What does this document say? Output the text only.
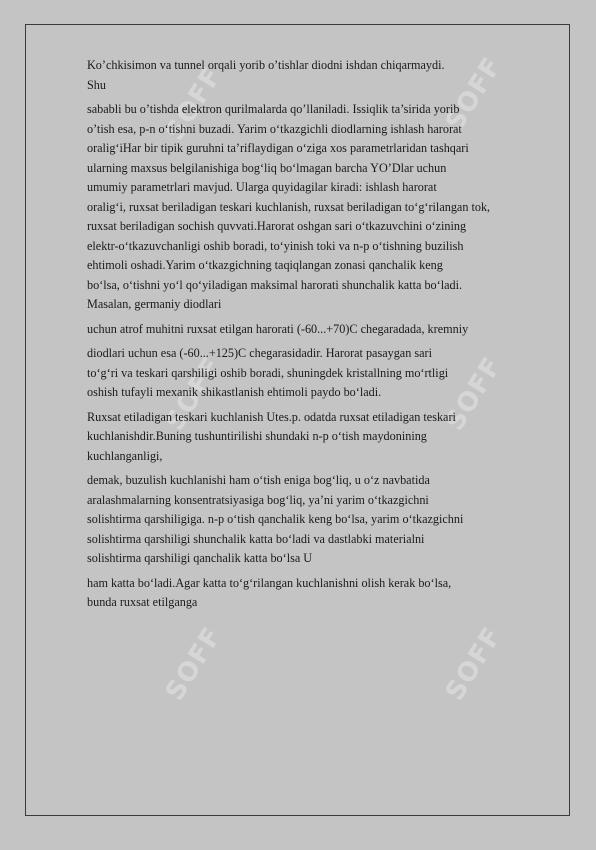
SOFF	SOFF
SOFF	SOFF
SOFF	SOFF

Ko’chkisimon va tunnel orqali yorib o’tishlar diodni ishdan chiqarmaydi.
Shu

sababli bu o’tishda elektron qurilmalarda qo’llaniladi. Issiqlik ta’sirida yorib
o’tish esa, p-n o‘tishni buzadi. Yarim o‘tkazgichli diodlarning ishlash harorat
oralig‘iHar bir tipik guruhni ta’riflaydigan o‘ziga xos parametrlaridan tashqari
ularning maxsus belgilanishiga bog‘liq bo‘lmagan barcha YO’Dlar uchun
umumiy parametrlari mavjud. Ularga quyidagilar kiradi: ishlash harorat
oralig‘i, ruxsat beriladigan teskari kuchlanish, ruxsat beriladigan to‘g‘rilangan tok,
ruxsat beriladigan sochish quvvati.Harorat oshgan sari o‘tkazuvchini o‘zining
elektr-o‘tkazuvchanligi oshib boradi, to‘yinish toki va n-p o‘tishning buzilish
ehtimoli oshadi.Yarim o‘tkazgichning taqiqlangan zonasi qanchalik keng
bo‘lsa, o‘tishni yo‘l qo‘yiladigan maksimal harorati shunchalik katta bo‘ladi.
Masalan, germaniy diodlari

uchun atrof muhitni ruxsat etilgan harorati (-60...+70)C chegaradada, kremniy

diodlari uchun esa (-60...+125)C chegarasidadir. Harorat pasaygan sari
to‘g‘ri va teskari qarshiligi oshib boradi, shuningdek kristallning mo‘rtligi
oshish tufayli mexanik shikastlanish ehtimoli paydo bo‘ladi.

Ruxsat etiladigan teskari kuchlanish Utes.p. odatda ruxsat etiladigan teskari
kuchlanishdir.Buning tushuntirilishi shundaki n-p o‘tish maydonining
kuchlanganligi,

demak, buzulish kuchlanishi ham o‘tish eniga bog‘liq, u o‘z navbatida
aralashmalarning konsentratsiyasiga bog‘liq, ya’ni yarim o‘tkazgichni
solishtirma qarshiligiga. n-p o‘tish qanchalik keng bo‘lsa, yarim o‘tkazgichni
solishtirma qarshiligi shunchalik katta bo‘ladi va dastlabki materialni
solishtirma qarshiligi qanchalik katta bo‘lsa U

ham katta bo‘ladi.Agar katta to‘g‘rilangan kuchlanishni olish kerak bo‘lsa,
bunda ruxsat etilganga
